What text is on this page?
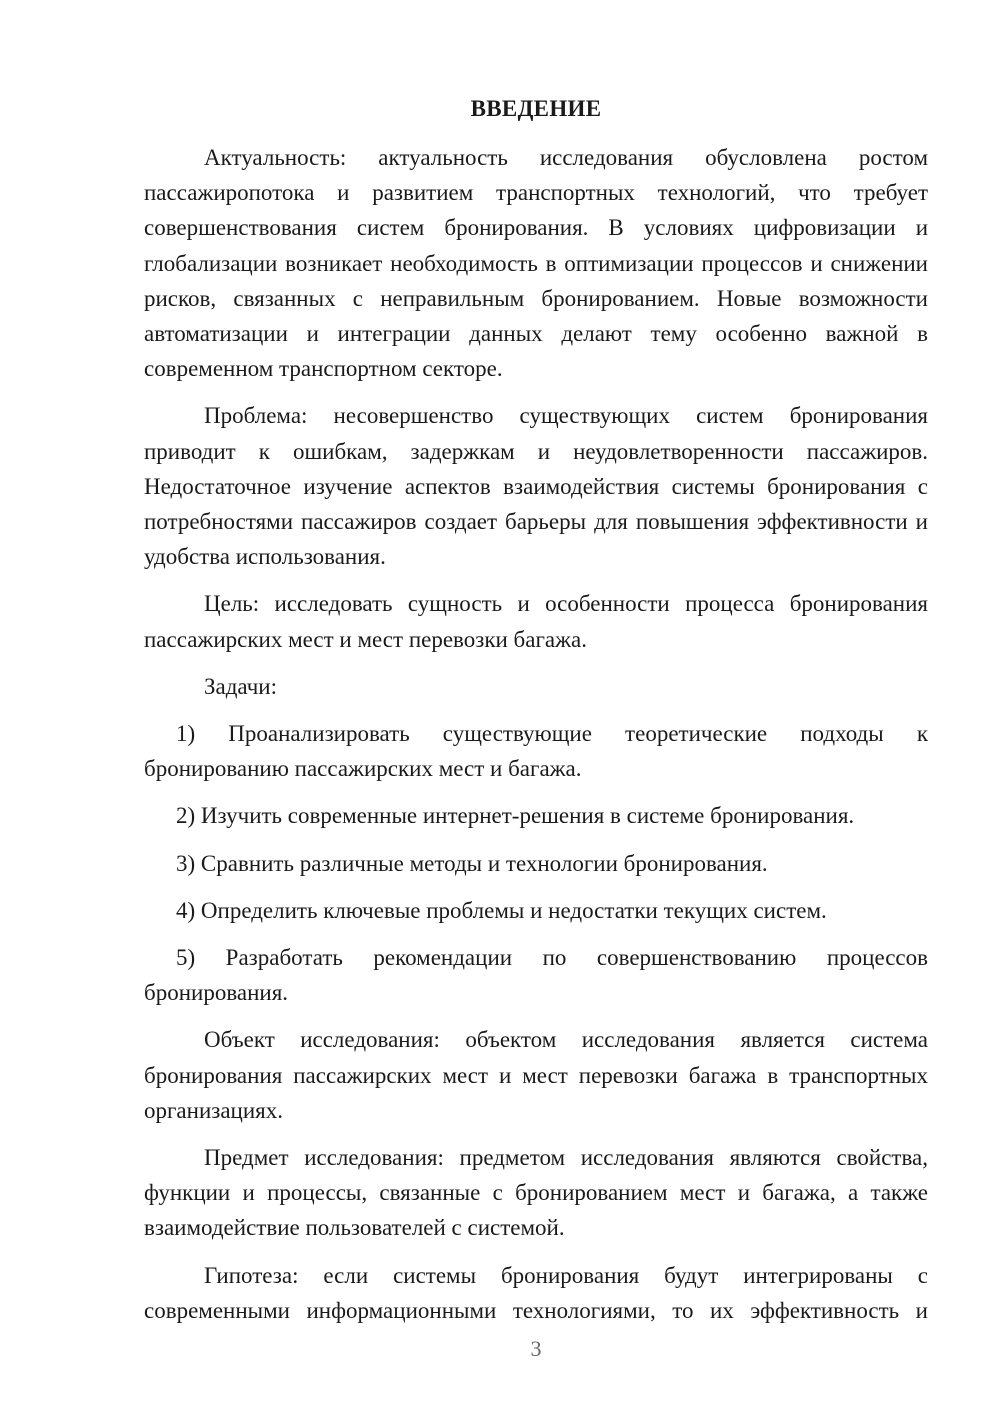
ВВЕДЕНИЕ

Актуальность: актуальность исследования обусловлена ростом пассажиропотока и развитием транспортных технологий, что требует совершенствования систем бронирования. В условиях цифровизации и глобализации возникает необходимость в оптимизации процессов и снижении рисков, связанных с неправильным бронированием. Новые возможности автоматизации и интеграции данных делают тему особенно важной в современном транспортном секторе.

Проблема: несовершенство существующих систем бронирования приводит к ошибкам, задержкам и неудовлетворенности пассажиров. Недостаточное изучение аспектов взаимодействия системы бронирования с потребностями пассажиров создает барьеры для повышения эффективности и удобства использования.

Цель: исследовать сущность и особенности процесса бронирования пассажирских мест и мест перевозки багажа.

Задачи:

1) Проанализировать существующие теоретические подходы к бронированию пассажирских мест и багажа.

2) Изучить современные интернет-решения в системе бронирования.

3) Сравнить различные методы и технологии бронирования.

4) Определить ключевые проблемы и недостатки текущих систем.

5) Разработать рекомендации по совершенствованию процессов бронирования.

Объект исследования: объектом исследования является система бронирования пассажирских мест и мест перевозки багажа в транспортных организациях.

Предмет исследования: предметом исследования являются свойства, функции и процессы, связанные с бронированием мест и багажа, а также взаимодействие пользователей с системой.

Гипотеза: если системы бронирования будут интегрированы с современными информационными технологиями, то их эффективность и

3
